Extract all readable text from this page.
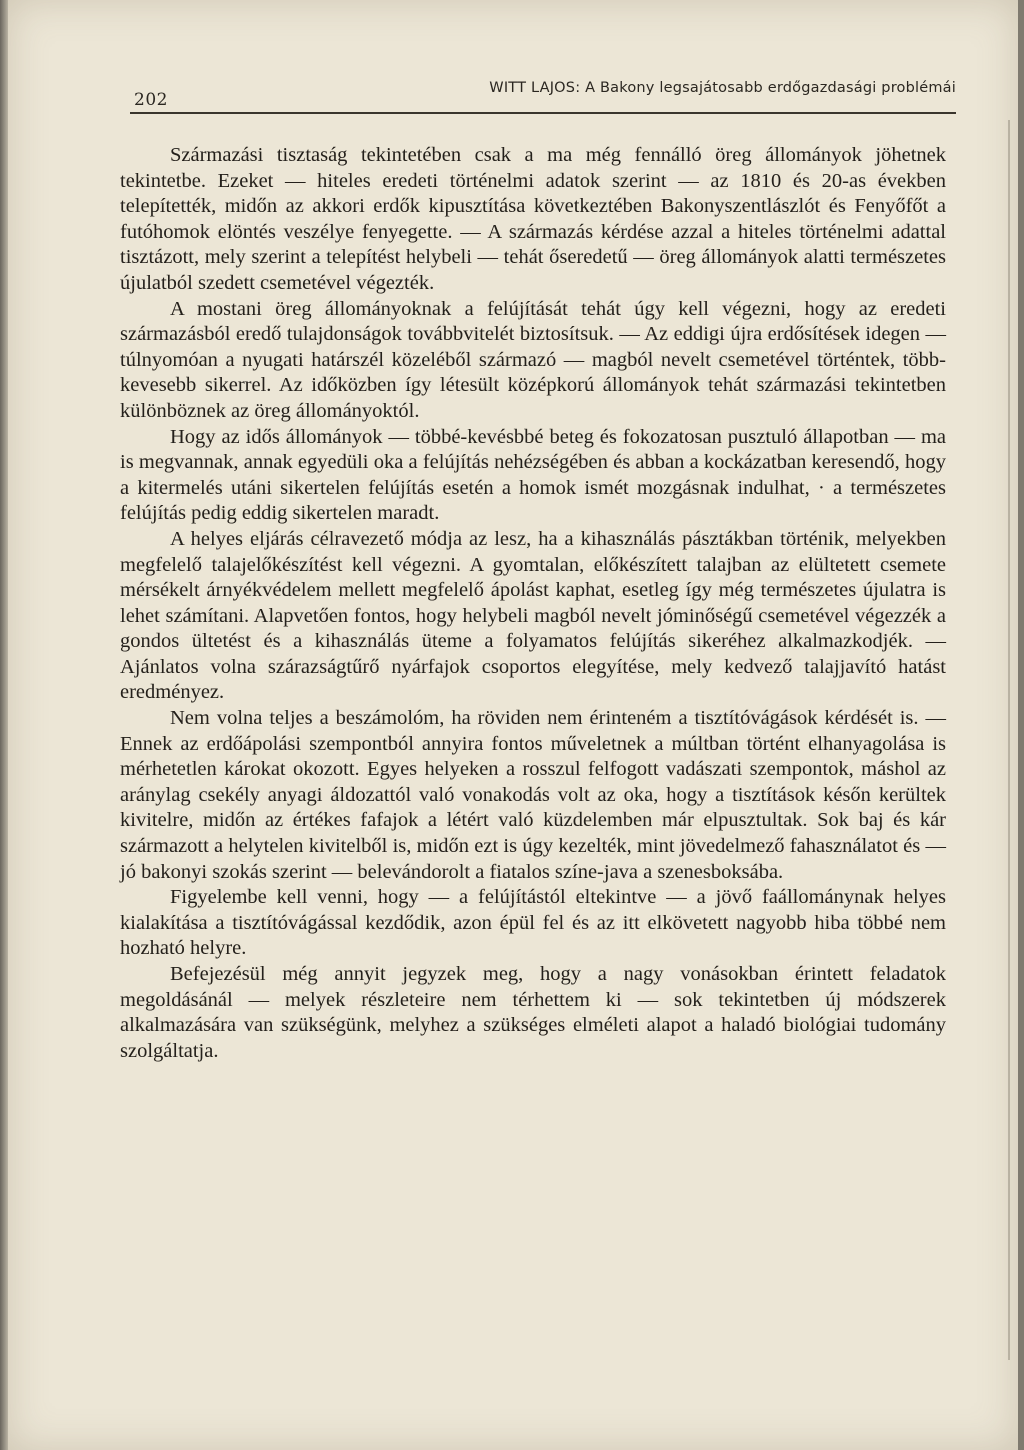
202
WITT LAJOS: A Bakony legsajátosabb erdőgazdasági problémái

Származási tisztaság tekintetében csak a ma még fennálló öreg állományok jöhetnek tekintetbe. Ezeket — hiteles eredeti történelmi adatok szerint — az 1810 és 20-as években telepítették, midőn az akkori erdők kipusztítása következtében Bakonyszentlászlót és Fenyőfőt a futóhomok elöntés veszélye fenyegette. — A származás kérdése azzal a hiteles történelmi adattal tisztázott, mely szerint a telepítést helybeli — tehát őseredetű — öreg állományok alatti természetes újulatból szedett csemetével végezték.

A mostani öreg állományoknak a felújítását tehát úgy kell végezni, hogy az eredeti származásból eredő tulajdonságok továbbvitelét biztosítsuk. — Az eddigi újra erdősítések idegen — túlnyomóan a nyugati határszél közeléből származó — magból nevelt csemetével történtek, több-kevesebb sikerrel. Az időközben így létesült középkorú állományok tehát származási tekintetben különböznek az öreg állományoktól.

Hogy az idős állományok — többé-kevésbbé beteg és fokozatosan pusztuló állapotban — ma is megvannak, annak egyedüli oka a felújítás nehézségében és abban a kockázatban keresendő, hogy a kitermelés utáni sikertelen felújítás esetén a homok ismét mozgásnak indulhat, · a természetes felújítás pedig eddig sikertelen maradt.

A helyes eljárás célravezető módja az lesz, ha a kihasználás pásztákban történik, melyekben megfelelő talajelőkészítést kell végezni. A gyomtalan, előkészített talajban az elültetett csemete mérsékelt árnyékvédelem mellett megfelelő ápolást kaphat, esetleg így még természetes újulatra is lehet számítani. Alapvetően fontos, hogy helybeli magból nevelt jóminőségű csemetével végezzék a gondos ültetést és a kihasználás üteme a folyamatos felújítás sikeréhez alkalmazkodjék. — Ajánlatos volna szárazságtűrő nyárfajok csoportos elegyítése, mely kedvező talajjavító hatást eredményez.

Nem volna teljes a beszámolóm, ha röviden nem érinteném a tisztítóvágások kérdését is. — Ennek az erdőápolási szempontból annyira fontos műveletnek a múltban történt elhanyagolása is mérhetetlen károkat okozott. Egyes helyeken a rosszul felfogott vadászati szempontok, máshol az aránylag csekély anyagi áldozattól való vonakodás volt az oka, hogy a tisztítások későn kerültek kivitelre, midőn az értékes fafajok a létért való küzdelemben már elpusztultak. Sok baj és kár származott a helytelen kivitelből is, midőn ezt is úgy kezelték, mint jövedelmező fahasználatot és — jó bakonyi szokás szerint — belevándorolt a fiatalos színe-java a szenesboksába.

Figyelembe kell venni, hogy — a felújítástól eltekintve — a jövő faállománynak helyes kialakítása a tisztítóvágással kezdődik, azon épül fel és az itt elkövetett nagyobb hiba többé nem hozható helyre.

Befejezésül még annyit jegyzek meg, hogy a nagy vonásokban érintett feladatok megoldásánál — melyek részleteire nem térhettem ki — sok tekintetben új módszerek alkalmazására van szükségünk, melyhez a szükséges elméleti alapot a haladó biológiai tudomány szolgáltatja.
